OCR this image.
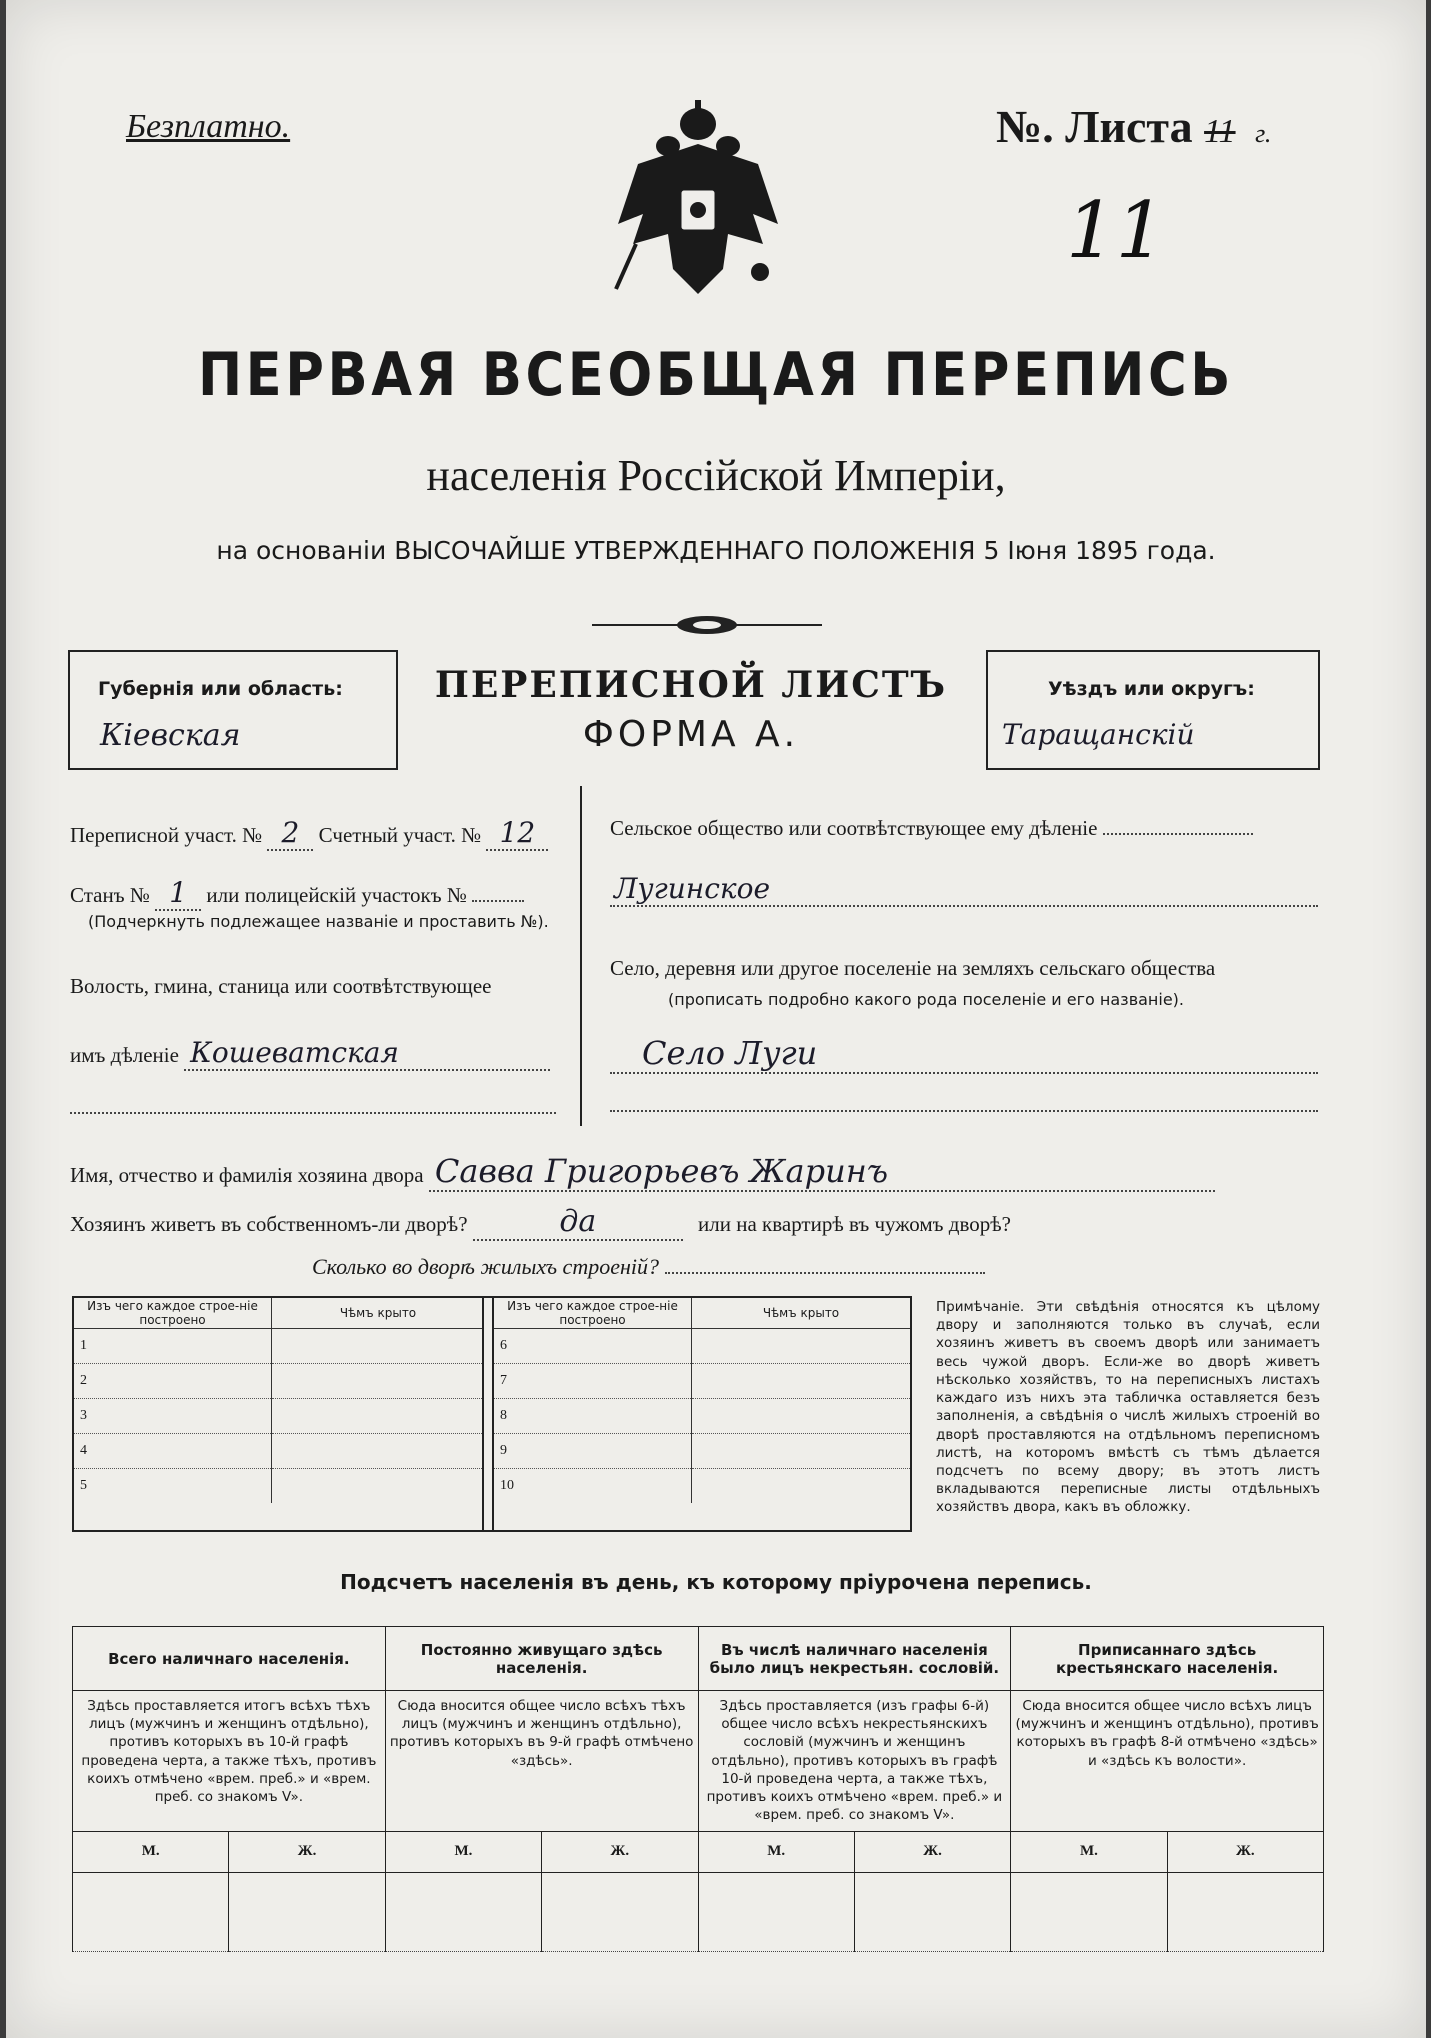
Безплатно.	№. Листа 11 г.
11
ПЕРВАЯ ВСЕОБЩАЯ ПЕРЕПИСЬ
населенія Россійской Имперіи,
на основаніи ВЫСОЧАЙШЕ УТВЕРЖДЕННАГО ПОЛОЖЕНІЯ 5 Іюня 1895 года.
Губернія или область:
Кіевская
ПЕРЕПИСНОЙ ЛИСТЪ
ФОРМА А.
Уѣздъ или округъ:
Таращанскій
Переписной участ. № 2 Счетный участ. № 12
Станъ № 1 или полицейскій участокъ №
(Подчеркнуть подлежащее названіе и проставить №).
Волость, гмина, станица или соотвѣтствующее
имъ дѣленіе Кошеватская
Сельское общество или соотвѣтствующее ему дѣленіе
Лугинское
Село, деревня или другое поселеніе на земляхъ сельскаго общества
(прописать подробно какого рода поселеніе и его названіе).
Село Луги
Имя, отчество и фамилія хозяина двора Савва Григорьевъ Жаринъ
Хозяинъ живетъ въ собственномъ-ли дворѣ?	да	или на квартирѣ въ чужомъ дворѣ?
Сколько во дворѣ жилыхъ строеній?
Изъ чего каждое строе-ніе построено	Чѣмъ крыто
1	
2	
3	
4	
5	
Изъ чего каждое строе-ніе построено	Чѣмъ крыто
6	
7	
8	
9	
10	
Примѣчаніе. Эти свѣдѣнія относятся къ цѣлому двору и заполняются только въ случаѣ, если хозяинъ живетъ въ своемъ дворѣ или занимаетъ весь чужой дворъ. Если-же во дворѣ живетъ нѣсколько хозяйствъ, то на переписныхъ листахъ каждаго изъ нихъ эта табличка оставляется безъ заполненія, а свѣдѣнія о числѣ жилыхъ строеній во дворѣ проставляются на отдѣльномъ переписномъ листѣ, на которомъ вмѣстѣ съ тѣмъ дѣлается подсчетъ по всему двору; въ этотъ листъ вкладываются переписные листы отдѣльныхъ хозяйствъ двора, какъ въ обложку.
Подсчетъ населенія въ день, къ которому пріурочена перепись.
Всего наличнаго населенія.		Постоянно живущаго здѣсь населенія.		Въ числѣ наличнаго населенія было лицъ некрестьян. сословій.		Приписаннаго здѣсь крестьянскаго населенія.	
Здѣсь проставляется итогъ всѣхъ тѣхъ лицъ (мужчинъ и женщинъ отдѣльно), противъ которыхъ въ 10-й графѣ проведена черта, а также тѣхъ, противъ коихъ отмѣчено «врем. преб.» и «врем. преб. со знакомъ V».		Сюда вносится общее число всѣхъ тѣхъ лицъ (мужчинъ и женщинъ отдѣльно), противъ которыхъ въ 9-й графѣ отмѣчено «здѣсь».		Здѣсь проставляется (изъ графы 6-й) общее число всѣхъ некрестьянскихъ сословій (мужчинъ и женщинъ отдѣльно), противъ которыхъ въ графѣ 10-й проведена черта, а также тѣхъ, противъ коихъ отмѣчено «врем. преб.» и «врем. преб. со знакомъ V».		Сюда вносится общее число всѣхъ лицъ (мужчинъ и женщинъ отдѣльно), противъ которыхъ въ графѣ 8-й отмѣчено «здѣсь» и «здѣсь къ волости».	
М.	Ж.	М.	Ж.	М.	Ж.	М.	Ж.
